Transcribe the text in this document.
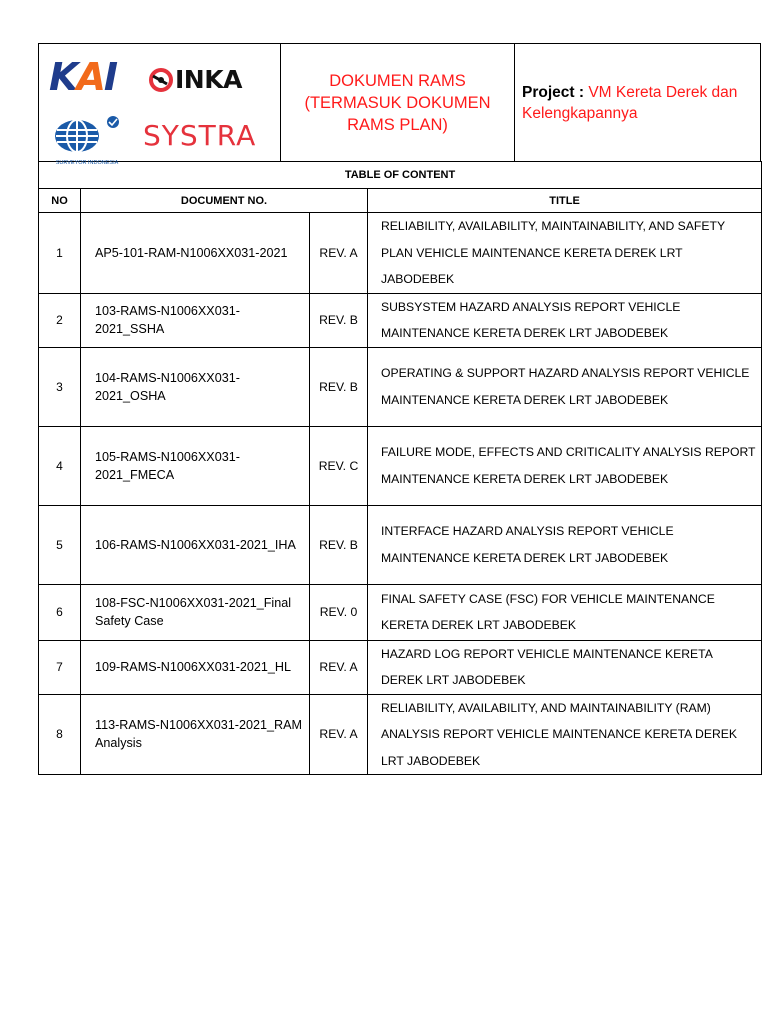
KAI INKA
SURVEYOR INDONESIA
SYSTRA
DOKUMEN RAMS
(TERMASUK DOKUMEN
RAMS PLAN)
Project : VM Kereta Derek dan Kelengkapannya
TABLE OF CONTENT			
NO	DOCUMENT NO.		TITLE
1	AP5-101-RAM-N1006XX031-2021	REV. A	RELIABILITY, AVAILABILITY, MAINTAINABILITY, AND SAFETY PLAN VEHICLE MAINTENANCE KERETA DEREK LRT JABODEBEK
2	103-RAMS-N1006XX031-2021_SSHA	REV. B	SUBSYSTEM HAZARD ANALYSIS REPORT VEHICLE MAINTENANCE KERETA DEREK LRT JABODEBEK
3	104-RAMS-N1006XX031-2021_OSHA	REV. B	OPERATING & SUPPORT HAZARD ANALYSIS REPORT VEHICLE MAINTENANCE KERETA DEREK LRT JABODEBEK
4	105-RAMS-N1006XX031-2021_FMECA	REV. C	FAILURE MODE, EFFECTS AND CRITICALITY ANALYSIS REPORT MAINTENANCE KERETA DEREK LRT JABODEBEK
5	106-RAMS-N1006XX031-2021_IHA	REV. B	INTERFACE HAZARD ANALYSIS REPORT VEHICLE MAINTENANCE KERETA DEREK LRT JABODEBEK
6	108-FSC-N1006XX031-2021_Final Safety Case	REV. 0	FINAL SAFETY CASE (FSC) FOR VEHICLE MAINTENANCE KERETA DEREK LRT JABODEBEK
7	109-RAMS-N1006XX031-2021_HL	REV. A	HAZARD LOG REPORT VEHICLE MAINTENANCE KERETA DEREK LRT JABODEBEK
8	113-RAMS-N1006XX031-2021_RAM Analysis	REV. A	RELIABILITY, AVAILABILITY, AND MAINTAINABILITY (RAM) ANALYSIS REPORT VEHICLE MAINTENANCE KERETA DEREK LRT JABODEBEK
